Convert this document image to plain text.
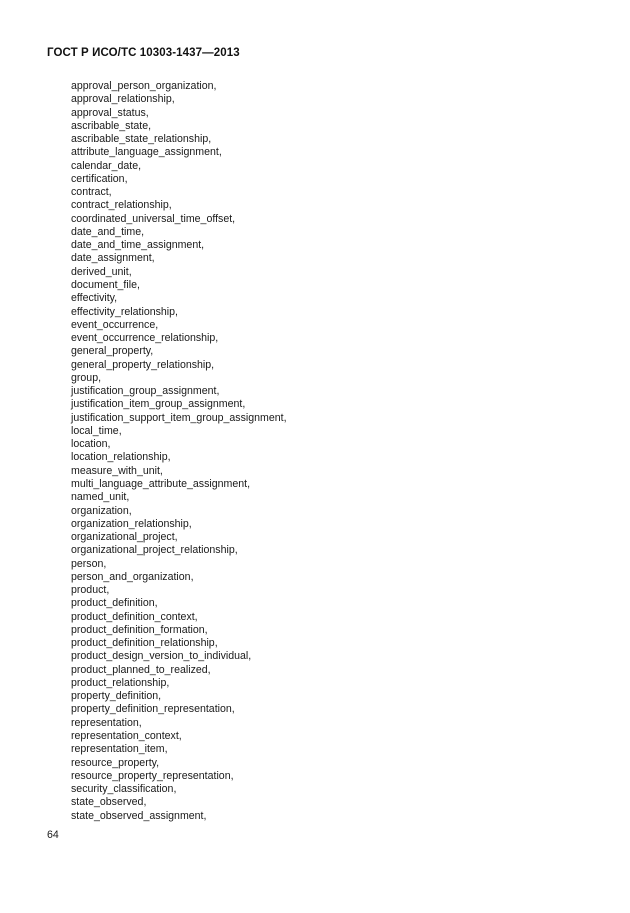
ГОСТ Р ИСО/ТС 10303-1437—2013
approval_person_organization,
approval_relationship,
approval_status,
ascribable_state,
ascribable_state_relationship,
attribute_language_assignment,
calendar_date,
certification,
contract,
contract_relationship,
coordinated_universal_time_offset,
date_and_time,
date_and_time_assignment,
date_assignment,
derived_unit,
document_file,
effectivity,
effectivity_relationship,
event_occurrence,
event_occurrence_relationship,
general_property,
general_property_relationship,
group,
justification_group_assignment,
justification_item_group_assignment,
justification_support_item_group_assignment,
local_time,
location,
location_relationship,
measure_with_unit,
multi_language_attribute_assignment,
named_unit,
organization,
organization_relationship,
organizational_project,
organizational_project_relationship,
person,
person_and_organization,
product,
product_definition,
product_definition_context,
product_definition_formation,
product_definition_relationship,
product_design_version_to_individual,
product_planned_to_realized,
product_relationship,
property_definition,
property_definition_representation,
representation,
representation_context,
representation_item,
resource_property,
resource_property_representation,
security_classification,
state_observed,
state_observed_assignment,
64
